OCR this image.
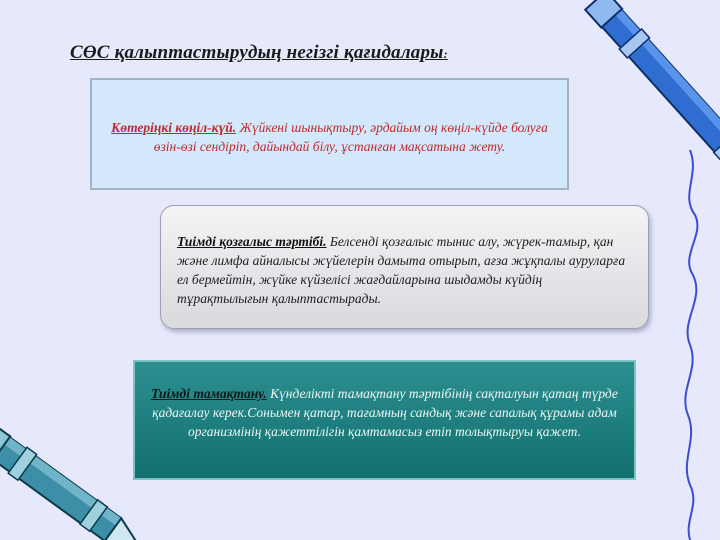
СӨС қалыптастырудың негізгі қағидалары:
Көтеріңкі көңіл-күй. Жүйкені шынықтыру, әрдайым оң көңіл-күйде болуға өзін-өзі сендіріп, дайындай білу, ұстанған мақсатына жету.
Тиімді қозғалыс тәртібі. Белсенді қозғалыс тынис алу, жүрек-тамыр, қан және лимфа айналысы жүйелерін дамыта отырып, ағза жұқпалы ауруларға ел бермейтін, жүйке күйзелісі жағдайларына шыдамды күйдің тұрақтылығын қалыптастырады.
Тиімді тамақтану. Күнделікті тамақтану тәртібінің сақталуын қатаң түрде қадағалау керек.Сонымен қатар, тағамның сандық және сапалық құрамы адам организмінің қажеттілігін қамтамасыз етіп толықтыруы қажет.
